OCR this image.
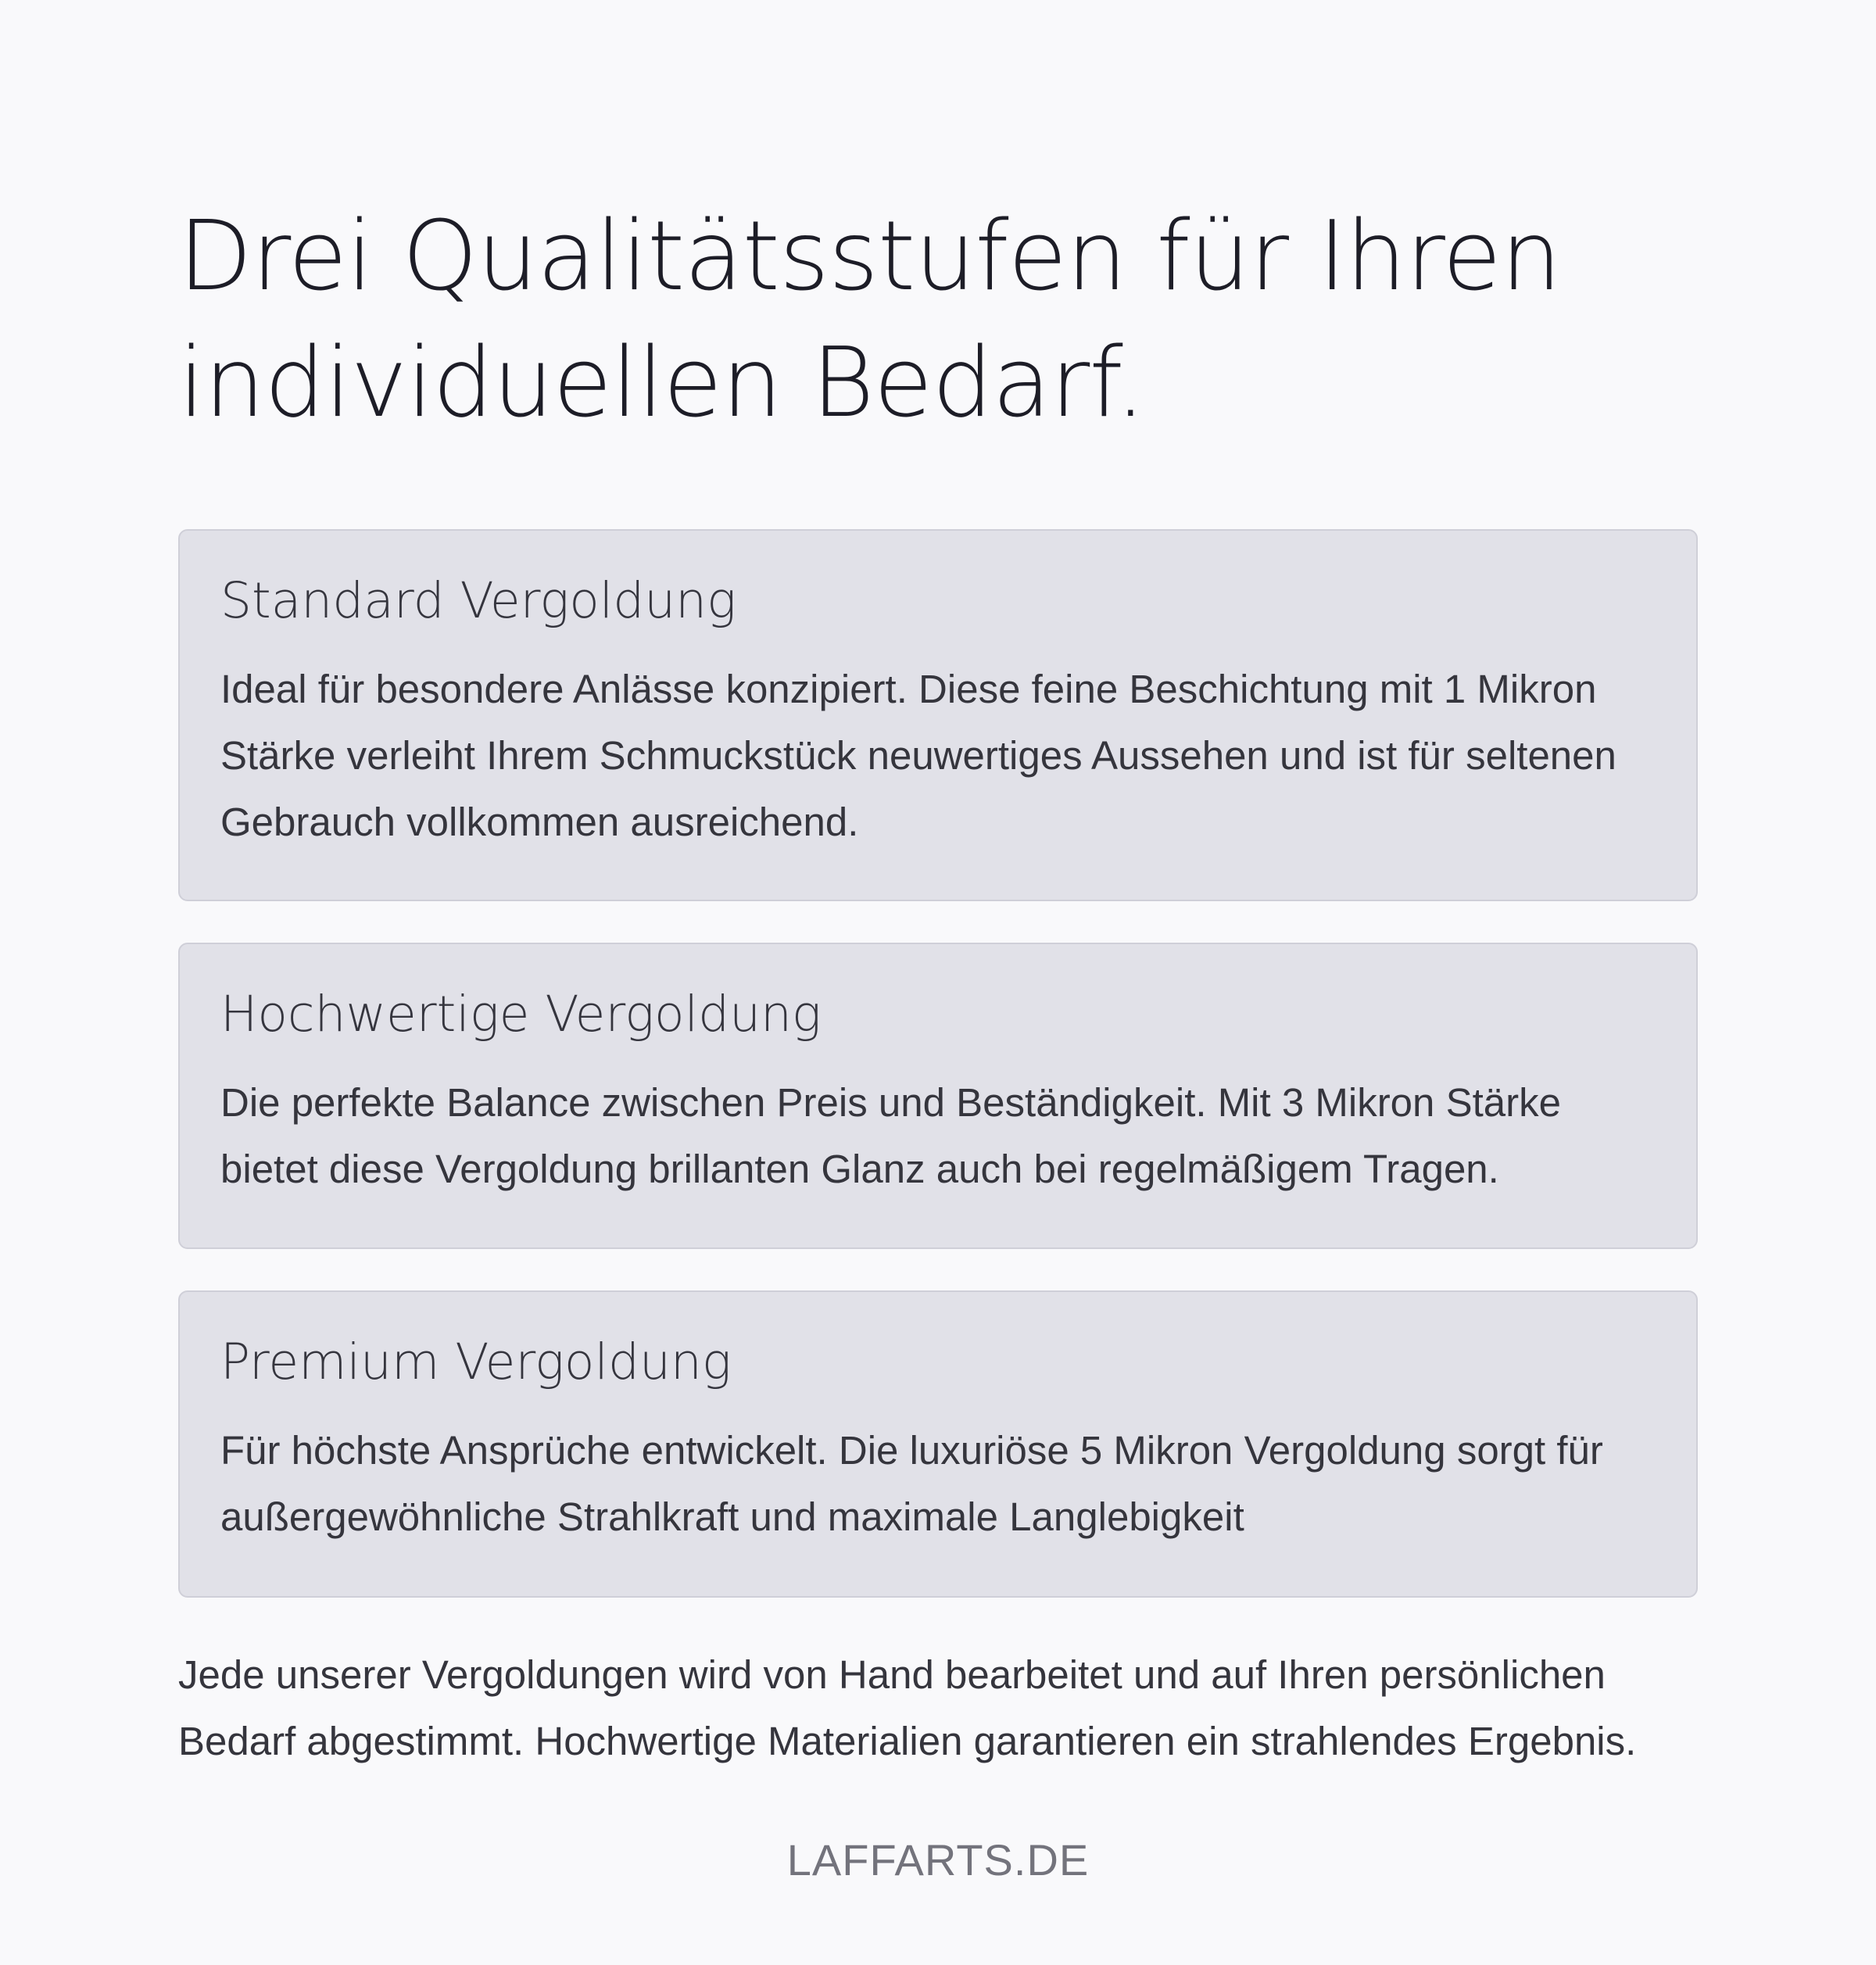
Drei Qualitätsstufen für Ihren
individuellen Bedarf.
Standard Vergoldung

Ideal für besondere Anlässe konzipiert. Diese feine Beschichtung mit 1 Mikron Stärke verleiht Ihrem Schmuckstück neuwertiges Aussehen und ist für seltenen Gebrauch vollkommen ausreichend.

Hochwertige Vergoldung

Die perfekte Balance zwischen Preis und Beständigkeit. Mit 3 Mikron Stärke bietet diese Vergoldung brillanten Glanz auch bei regelmäßigem Tragen.

Premium Vergoldung

Für höchste Ansprüche entwickelt. Die luxuriöse 5 Mikron Vergoldung sorgt für außergewöhnliche Strahlkraft und maximale Langlebigkeit

Jede unserer Vergoldungen wird von Hand bearbeitet und auf Ihren persönlichen Bedarf abgestimmt. Hochwertige Materialien garantieren ein strahlendes Ergebnis.

LAFFARTS.DE
